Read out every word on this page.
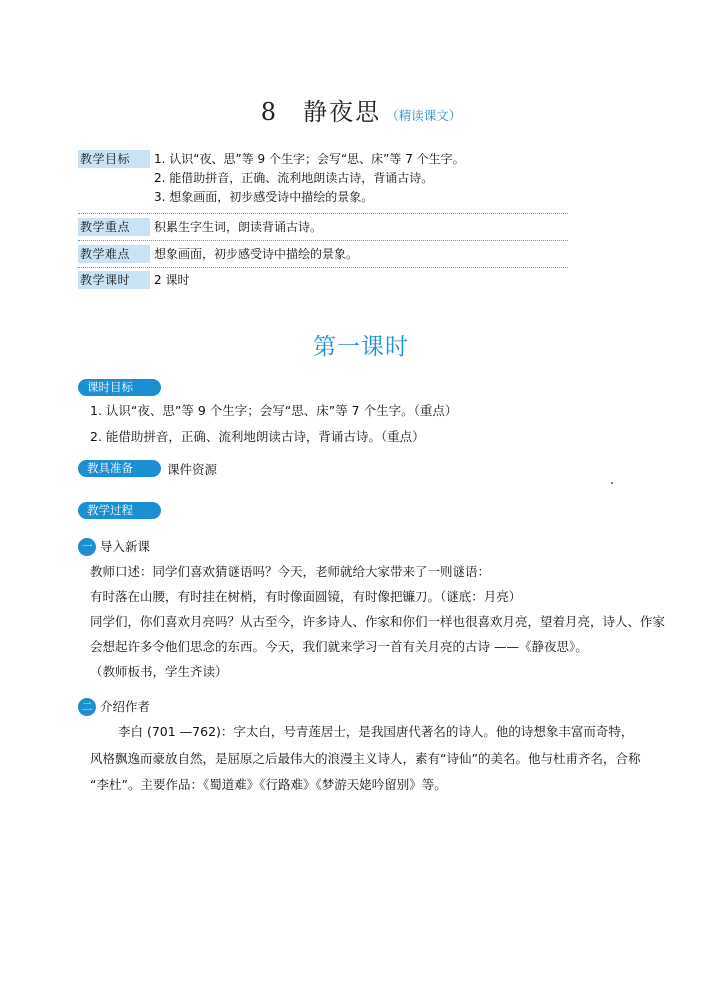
8 静夜思 （精读课文）
教学目标	1. 认识“夜、思”等 9 个生字；会写“思、床”等 7 个生字。
2. 能借助拼音，正确、流利地朗读古诗，背诵古诗。
3. 想象画面，初步感受诗中描绘的景象。
教学重点	积累生字生词，朗读背诵古诗。
教学难点	想象画面，初步感受诗中描绘的景象。
教学课时	2 课时
第一课时
课时目标
1. 认识“夜、思”等 9 个生字；会写“思、床”等 7 个生字。（重点）
2. 能借助拼音，正确、流利地朗读古诗，背诵古诗。（重点）
教具准备	课件资源
教学过程
一 导入新课
教师口述：同学们喜欢猜谜语吗？今天，老师就给大家带来了一则谜语：
有时落在山腰，有时挂在树梢，有时像面圆镜，有时像把镰刀。（谜底：月亮）
同学们，你们喜欢月亮吗？从古至今，许多诗人、作家和你们一样也很喜欢月亮，望着月亮，诗人、作家
会想起许多令他们思念的东西。今天，我们就来学习一首有关月亮的古诗 ——《静夜思》。
（教师板书，学生齐读）
二 介绍作者
李白 (701 —762)：字太白，号青莲居士，是我国唐代著名的诗人。他的诗想象丰富而奇特，
风格飘逸而豪放自然，是屈原之后最伟大的浪漫主义诗人，素有“诗仙”的美名。他与杜甫齐名，合称
“李杜”。主要作品：《蜀道难》《行路难》《梦游天姥吟留别》等。
